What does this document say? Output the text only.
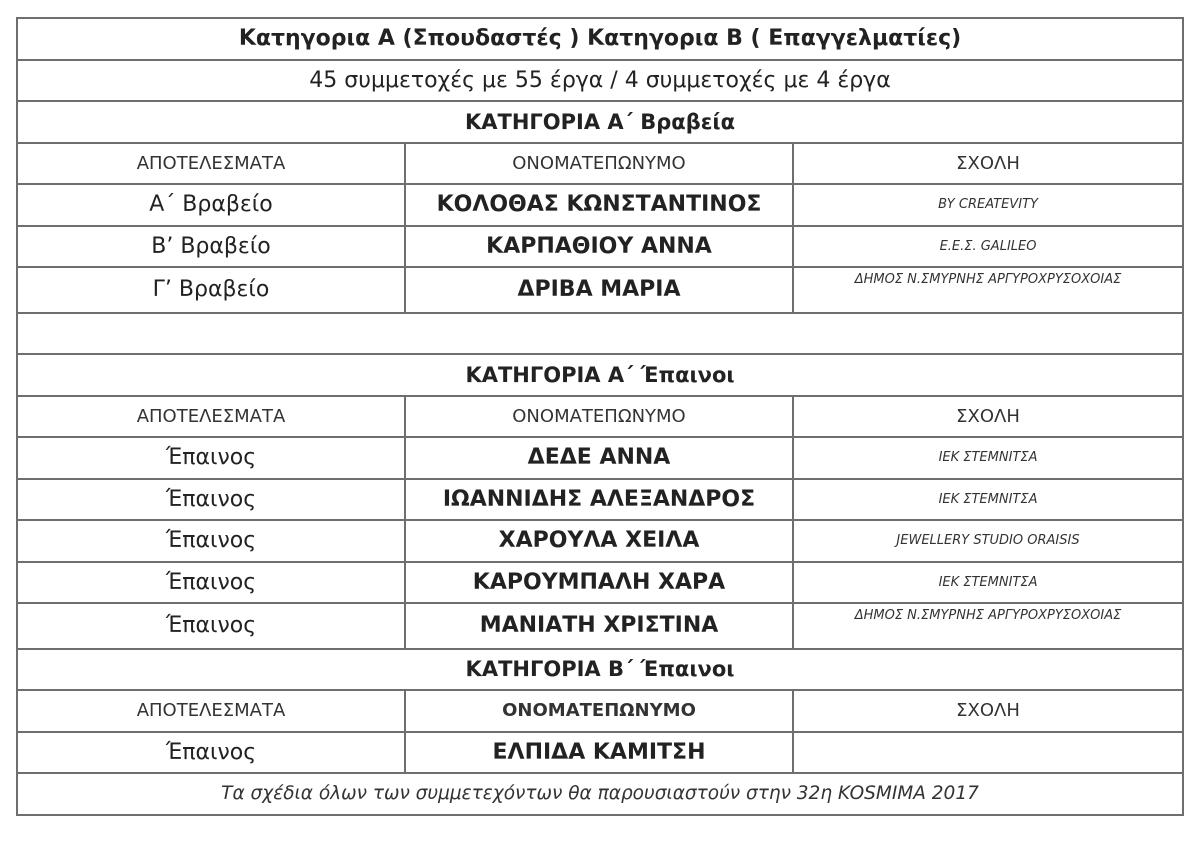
Κατηγορια Α (Σπουδαστές ) Κατηγορια Β ( Επαγγελματίες)		
45 συμμετοχές με 55 έργα / 4 συμμετοχές με 4 έργα		
ΚΑΤΗΓΟΡΙΑ Α΄ Βραβεία		
ΑΠΟΤΕΛΕΣΜΑΤΑ	ΟΝΟΜΑΤΕΠΩΝΥΜΟ	ΣΧΟΛΗ
Α΄ Βραβείο	ΚΟΛΟΘΑΣ ΚΩΝΣΤΑΝΤΙΝΟΣ	BY CREATEVITY
Β’ Βραβείο	ΚΑΡΠΑΘΙΟΥ ΑΝΝΑ	Ε.Ε.Σ. GALILEO
Γ’ Βραβείο	ΔΡΙΒΑ ΜΑΡΙΑ	ΔΗΜΟΣ Ν.ΣΜΥΡΝΗΣ ΑΡΓΥΡΟΧΡΥΣΟΧΟΙΑΣ

ΚΑΤΗΓΟΡΙΑ Α΄ Έπαινοι		
ΑΠΟΤΕΛΕΣΜΑΤΑ	ΟΝΟΜΑΤΕΠΩΝΥΜΟ	ΣΧΟΛΗ
Έπαινος	ΔΕΔΕ ΑΝΝΑ	ΙΕΚ ΣΤΕΜΝΙΤΣΑ
Έπαινος	ΙΩΑΝΝΙΔΗΣ ΑΛΕΞΑΝΔΡΟΣ	ΙΕΚ ΣΤΕΜΝΙΤΣΑ
Έπαινος	ΧΑΡΟΥΛΑ ΧΕΙΛΑ	JEWELLERY STUDIO ORAISIS
Έπαινος	ΚΑΡΟΥΜΠΑΛΗ ΧΑΡΑ	ΙΕΚ ΣΤΕΜΝΙΤΣΑ
Έπαινος	ΜΑΝΙΑΤΗ ΧΡΙΣΤΙΝΑ	ΔΗΜΟΣ Ν.ΣΜΥΡΝΗΣ ΑΡΓΥΡΟΧΡΥΣΟΧΟΙΑΣ
ΚΑΤΗΓΟΡΙΑ Β΄ Έπαινοι		
ΑΠΟΤΕΛΕΣΜΑΤΑ	ΟΝΟΜΑΤΕΠΩΝΥΜΟ	ΣΧΟΛΗ
Έπαινος	ΕΛΠΙΔΑ ΚΑΜΙΤΣΗ	
Τα σχέδια όλων των συμμετεχόντων θα παρουσιαστούν στην 32η KOSMIMA 2017		
